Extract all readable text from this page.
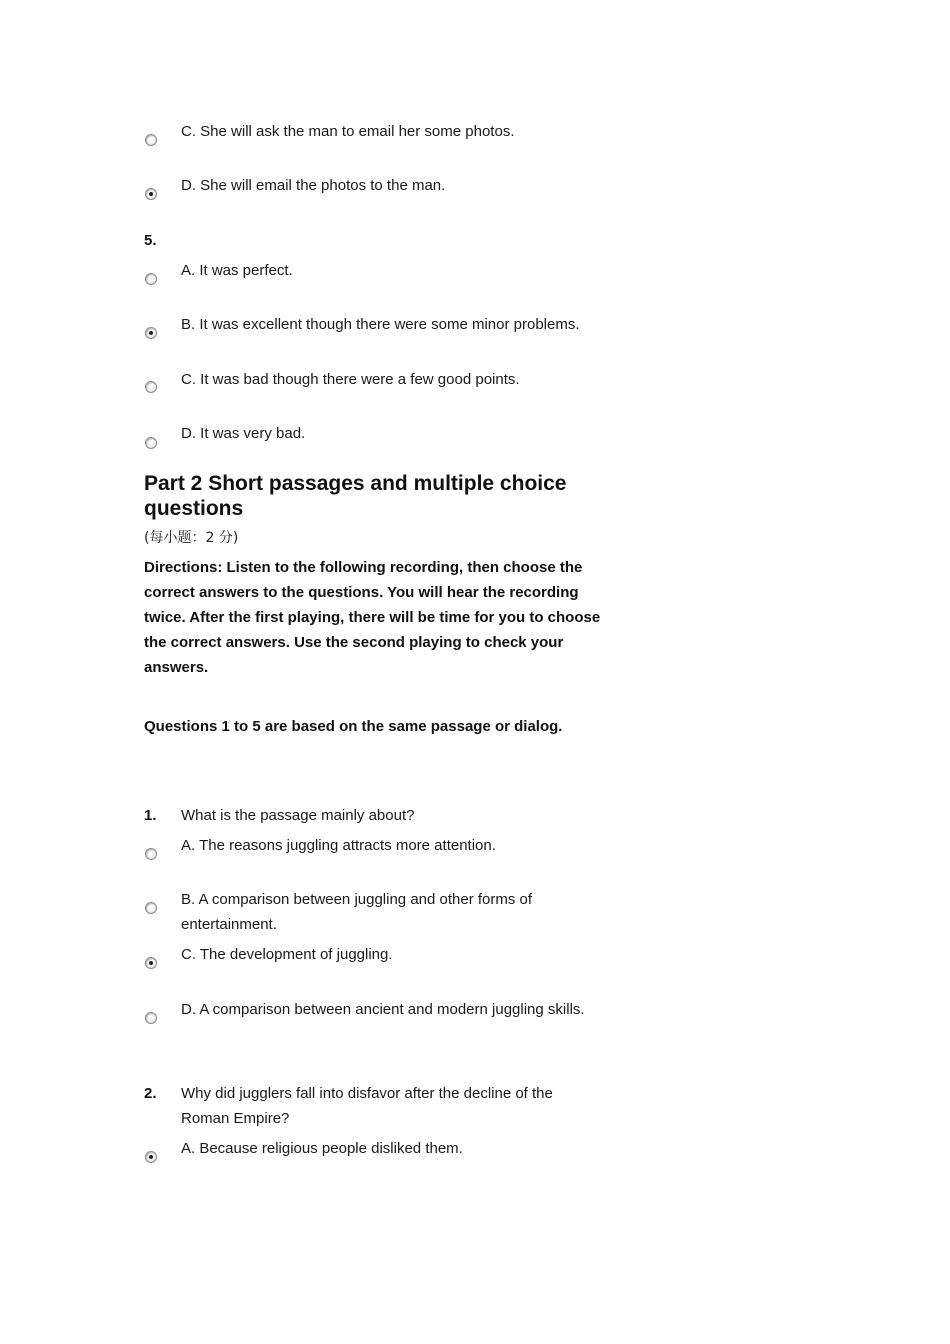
C. She will ask the man to email her some photos.
D. She will email the photos to the man.
5.
A. It was perfect.
B. It was excellent though there were some minor problems.
C. It was bad though there were a few good points.
D. It was very bad.
Part 2 Short passages and multiple choice questions
(每小题：2 分)
Directions: Listen to the following recording, then choose the correct answers to the questions. You will hear the recording twice. After the first playing, there will be time for you to choose the correct answers. Use the second playing to check your answers.
Questions 1 to 5 are based on the same passage or dialog.
1. What is the passage mainly about?
A. The reasons juggling attracts more attention.
B. A comparison between juggling and other forms of entertainment.
C. The development of juggling.
D. A comparison between ancient and modern juggling skills.
2. Why did jugglers fall into disfavor after the decline of the Roman Empire?
A. Because religious people disliked them.
